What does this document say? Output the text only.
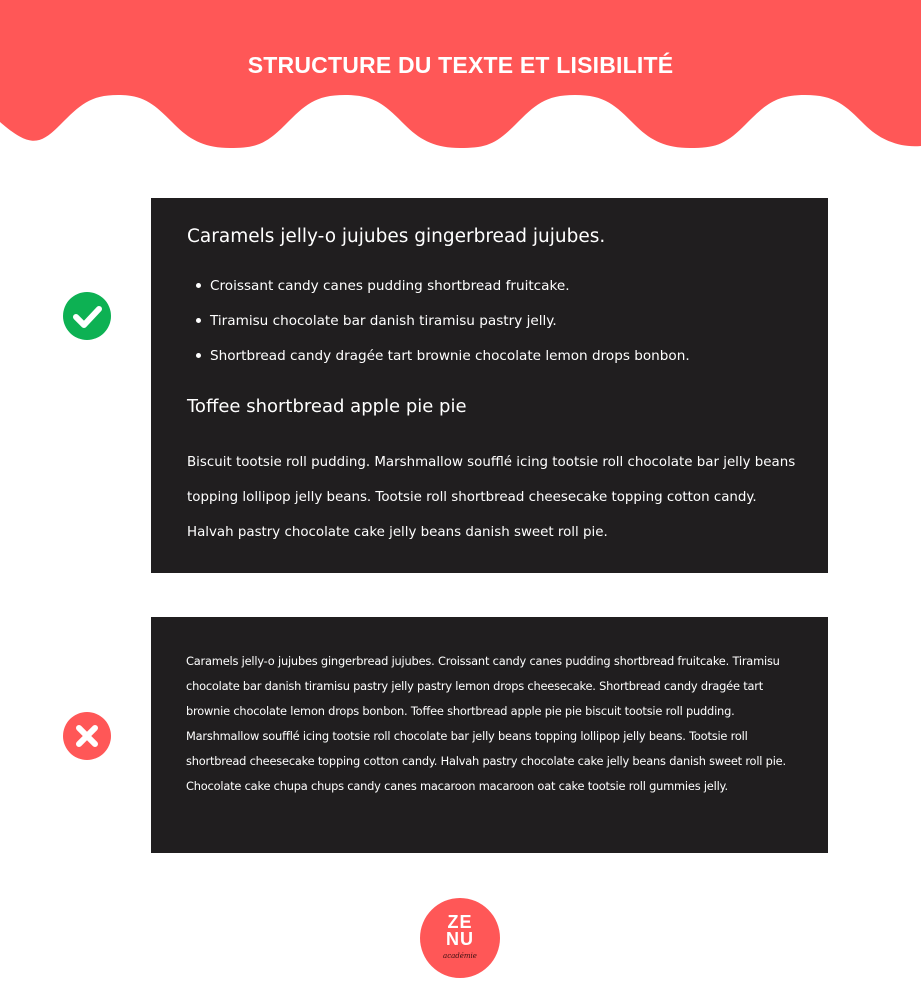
STRUCTURE DU TEXTE ET LISIBILITÉ
Caramels jelly-o jujubes gingerbread jujubes.
Croissant candy canes pudding shortbread fruitcake.
Tiramisu chocolate bar danish tiramisu pastry jelly.
Shortbread candy dragée tart brownie chocolate lemon drops bonbon.
Toffee shortbread apple pie pie
Biscuit tootsie roll pudding. Marshmallow soufflé icing tootsie roll chocolate bar jelly beans topping lollipop jelly beans. Tootsie roll shortbread cheesecake topping cotton candy. Halvah pastry chocolate cake jelly beans danish sweet roll pie.
Caramels jelly-o jujubes gingerbread jujubes. Croissant candy canes pudding shortbread fruitcake. Tiramisu chocolate bar danish tiramisu pastry jelly pastry lemon drops cheesecake. Shortbread candy dragée tart brownie chocolate lemon drops bonbon. Toffee shortbread apple pie pie biscuit tootsie roll pudding. Marshmallow soufflé icing tootsie roll chocolate bar jelly beans topping lollipop jelly beans. Tootsie roll shortbread cheesecake topping cotton candy. Halvah pastry chocolate cake jelly beans danish sweet roll pie. Chocolate cake chupa chups candy canes macaroon macaroon oat cake tootsie roll gummies jelly.
ZE
NU
académie
